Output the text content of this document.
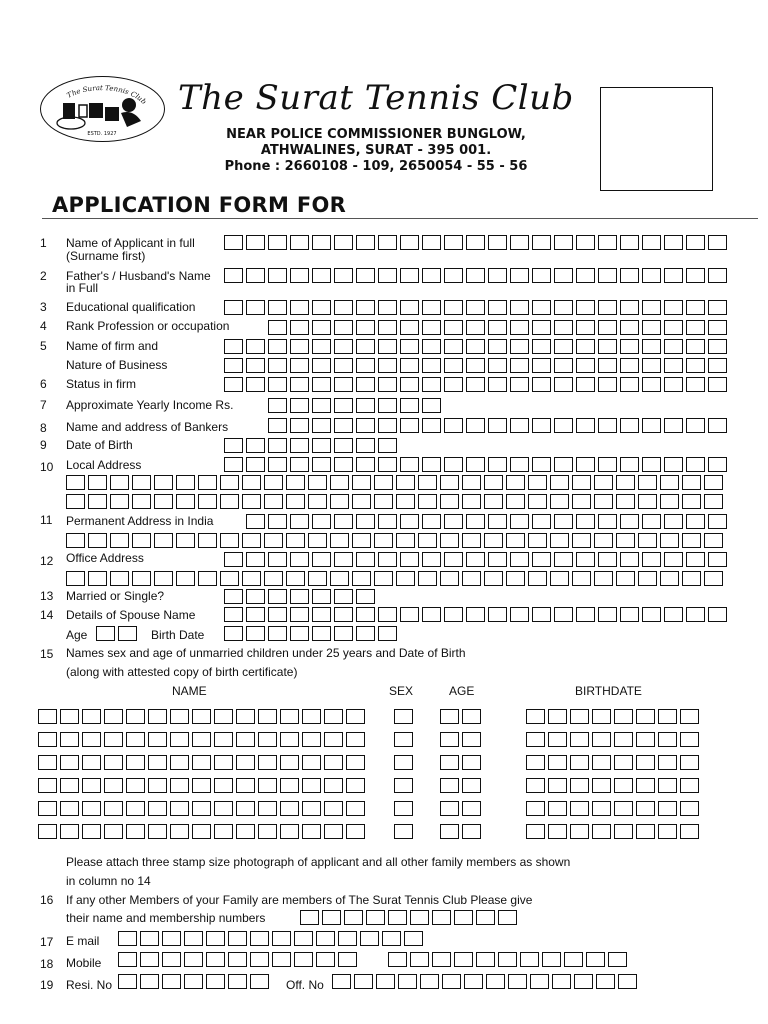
The Surat Tennis Club
ESTD. 1927
The Surat Tennis Club
NEAR POLICE COMMISSIONER BUNGLOW,
ATHWALINES, SURAT - 395 001.
Phone : 2660108 - 109, 2650054 - 55 - 56
APPLICATION FORM FOR
1 Name of Applicant in full
(Surname first)
2 Father's / Husband's Name
in Full
3 Educational qualification
4 Rank Profession or occupation
5 Name of firm and
Nature of Business
6 Status in firm
7 Approximate Yearly Income Rs.
8 Name and address of Bankers
9 Date of Birth
10 Local Address
11 Permanent Address in India
12 Office Address
13 Married or Single?
14 Details of Spouse Name
Age	Birth Date
15 Names sex and age of unmarried children under 25 years and Date of Birth
(along with attested copy of birth certificate)
NAME	SEX	AGE	BIRTHDATE
Please attach three stamp size photograph of applicant and all other family members as shown
in column no 14
16 If any other Members of your Family are members of The Surat Tennis Club Please give
their name and membership numbers
17 E mail
18 Mobile
19 Resi. No	Off. No
